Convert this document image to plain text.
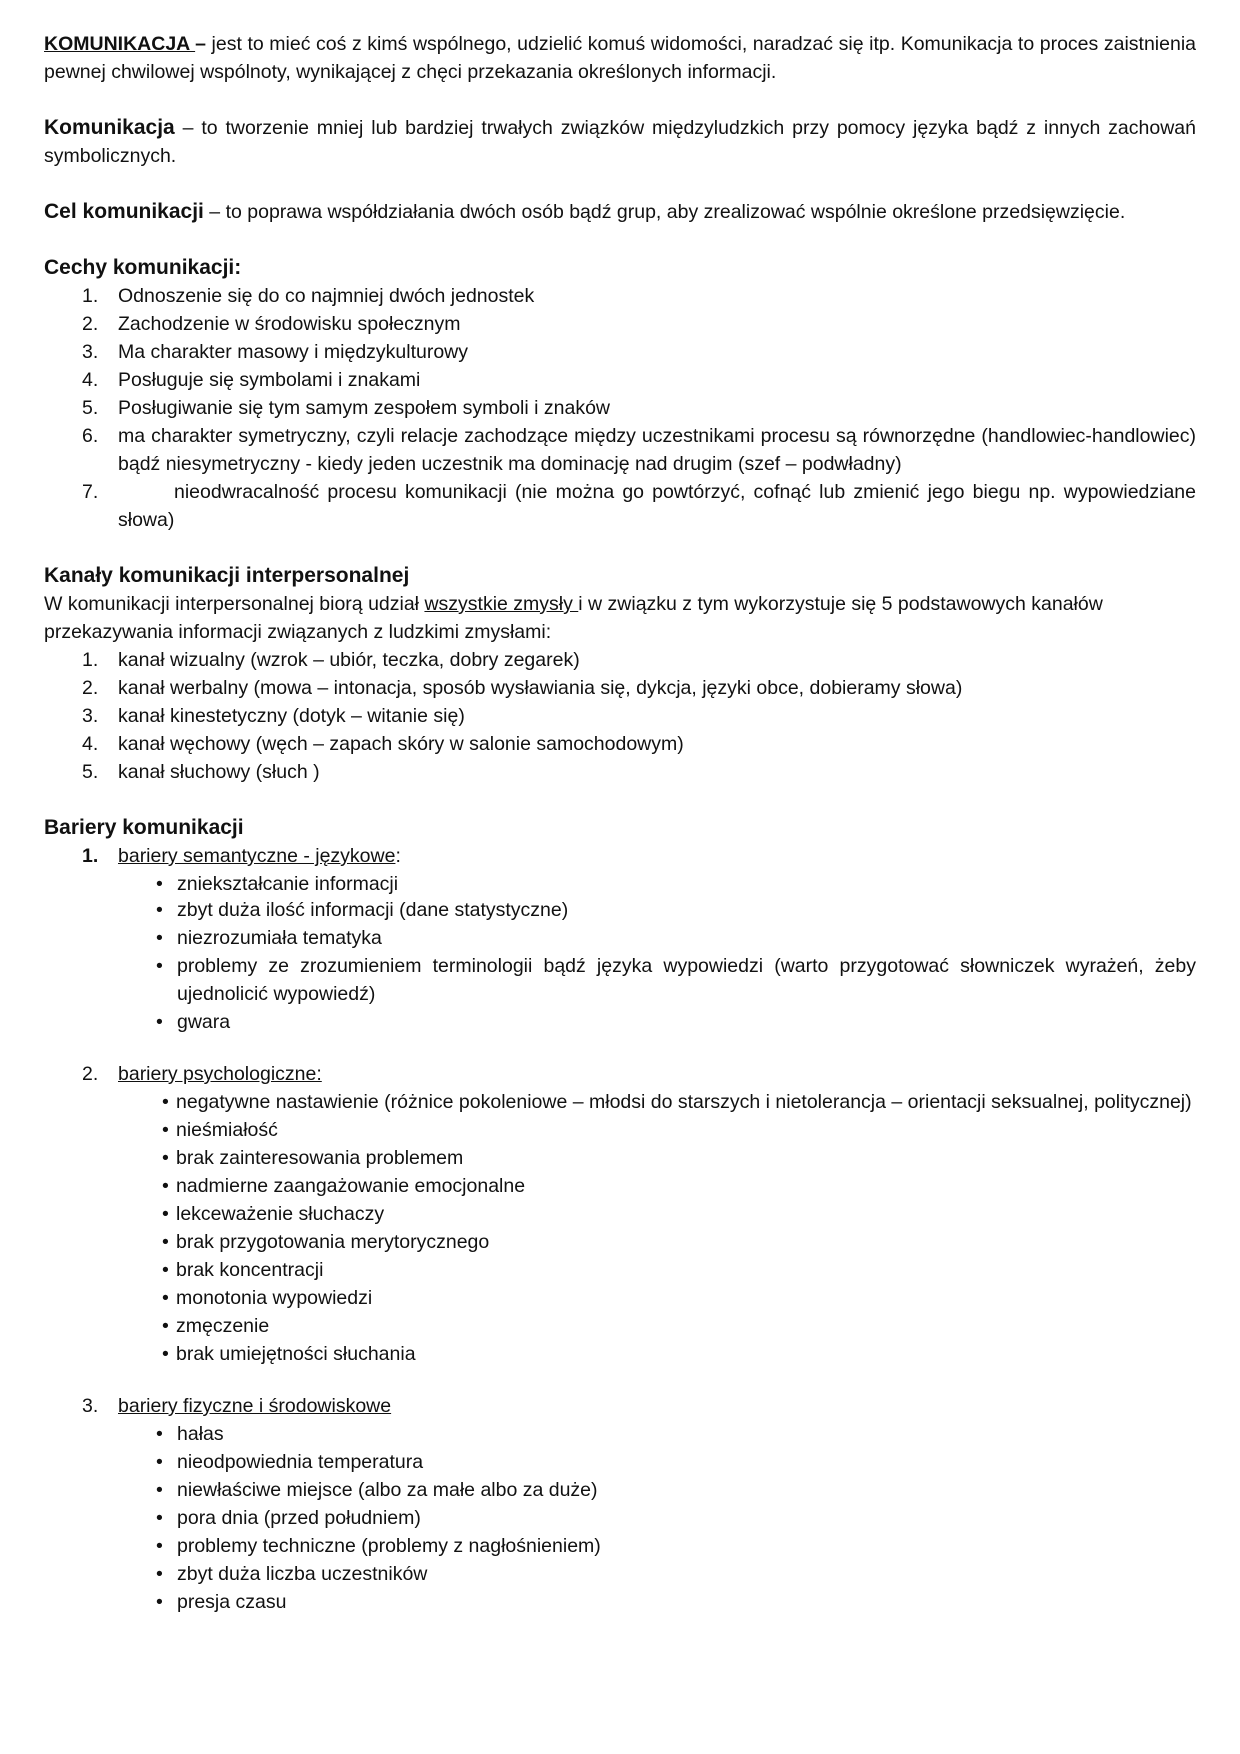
KOMUNIKACJA – jest to mieć coś z kimś wspólnego, udzielić komuś widomości, naradzać się itp. Komunikacja to proces zaistnienia pewnej chwilowej wspólnoty, wynikającej z chęci przekazania określonych informacji.

Komunikacja – to tworzenie mniej lub bardziej trwałych związków międzyludzkich przy pomocy języka bądź z innych zachowań symbolicznych.

Cel komunikacji – to poprawa współdziałania dwóch osób bądź grup, aby zrealizować wspólnie określone przedsięwzięcie.

Cechy komunikacji:
1. Odnoszenie się do co najmniej dwóch jednostek
2. Zachodzenie w środowisku społecznym
3. Ma charakter masowy i międzykulturowy
4. Posługuje się symbolami i znakami
5. Posługiwanie się tym samym zespołem symboli i znaków
6. ma charakter symetryczny, czyli relacje zachodzące między uczestnikami procesu są równorzędne (handlowiec-handlowiec) bądź niesymetryczny - kiedy jeden uczestnik ma dominację nad drugim (szef – podwładny)
7.	nieodwracalność procesu komunikacji (nie można go powtórzyć, cofnąć lub zmienić jego biegu np. wypowiedziane słowa)
Kanały komunikacji interpersonalnej

W komunikacji interpersonalnej biorą udział wszystkie zmysły i w związku z tym wykorzystuje się 5 podstawowych kanałów przekazywania informacji związanych z ludzkimi zmysłami:

1. kanał wizualny (wzrok – ubiór, teczka, dobry zegarek)
2. kanał werbalny (mowa – intonacja, sposób wysławiania się, dykcja, języki obce, dobieramy słowa)
3. kanał kinestetyczny (dotyk – witanie się)
4. kanał węchowy (węch – zapach skóry w salonie samochodowym)
5. kanał słuchowy (słuch )
Bariery komunikacji
1. bariery semantyczne - językowe:
• zniekształcanie informacji
• zbyt duża ilość informacji (dane statystyczne)
• niezrozumiała tematyka
• problemy ze zrozumieniem terminologii bądź języka wypowiedzi (warto przygotować słowniczek wyrażeń, żeby ujednolicić wypowiedź)
• gwara
2. bariery psychologiczne:
• negatywne nastawienie (różnice pokoleniowe – młodsi do starszych i nietolerancja – orientacji seksualnej, politycznej)
• nieśmiałość
• brak zainteresowania problemem
• nadmierne zaangażowanie emocjonalne
• lekceważenie słuchaczy
• brak przygotowania merytorycznego
• brak koncentracji
• monotonia wypowiedzi
• zmęczenie
• brak umiejętności słuchania
3. bariery fizyczne i środowiskowe
• hałas
• nieodpowiednia temperatura
• niewłaściwe miejsce (albo za małe albo za duże)
• pora dnia (przed południem)
• problemy techniczne (problemy z nagłośnieniem)
• zbyt duża liczba uczestników
• presja czasu
